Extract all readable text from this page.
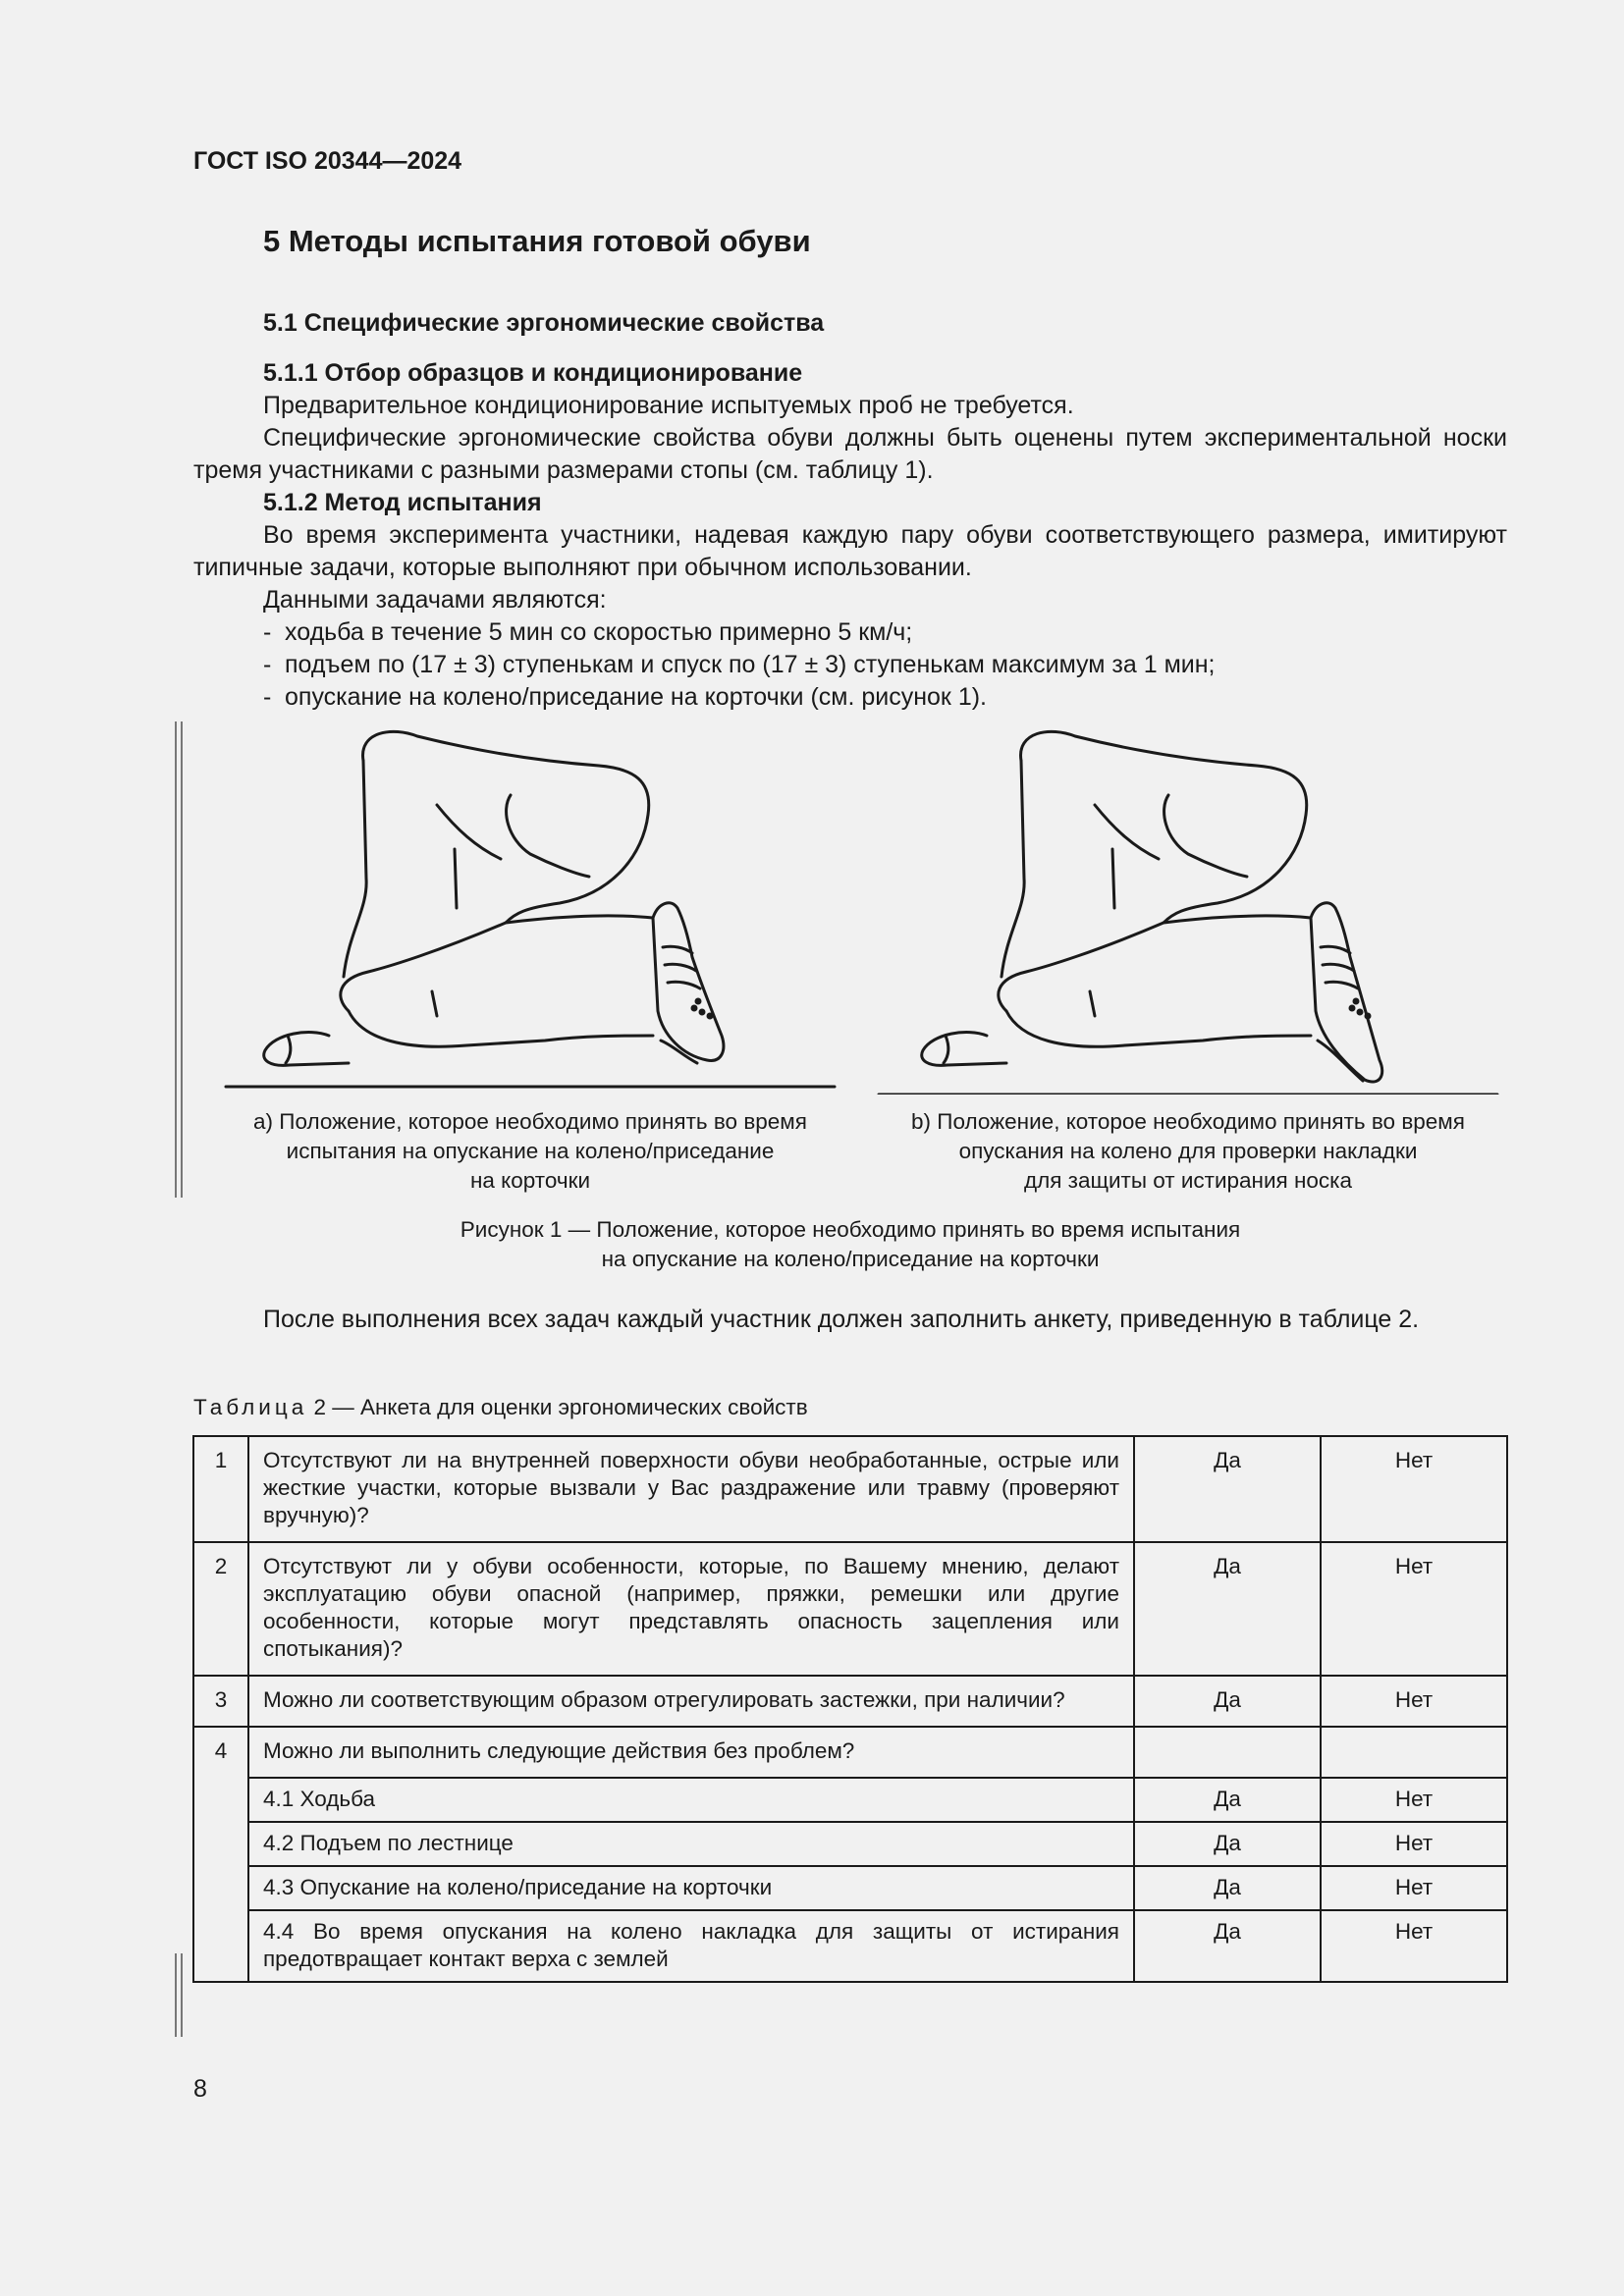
ГОСТ ISO 20344—2024
5 Методы испытания готовой обуви
5.1 Специфические эргономические свойства

5.1.1 Отбор образцов и кондиционирование

Предварительное кондиционирование испытуемых проб не требуется.

Специфические эргономические свойства обуви должны быть оценены путем экспериментальной носки тремя участниками с разными размерами стопы (см. таблицу 1).

5.1.2 Метод испытания

Во время эксперимента участники, надевая каждую пару обуви соответствующего размера, имитируют типичные задачи, которые выполняют при обычном использовании.

Данными задачами являются:

- ходьба в течение 5 мин со скоростью примерно 5 км/ч;

- подъем по (17 ± 3) ступенькам и спуск по (17 ± 3) ступенькам максимум за 1 мин;

- опускание на колено/приседание на корточки (см. рисунок 1).

a) Положение, которое необходимо принять во время
испытания на опускание на колено/приседание
на корточки
b) Положение, которое необходимо принять во время
опускания на колено для проверки накладки
для защиты от истирания носка
Рисунок 1 — Положение, которое необходимо принять во время испытания
на опускание на колено/приседание на корточки
После выполнения всех задач каждый участник должен заполнить анкету, приведенную в таблице 2.
Таблица 2 — Анкета для оценки эргономических свойств
1	Отсутствуют ли на внутренней поверхности обуви необработанные, острые или жесткие участки, которые вызвали у Вас раздражение или травму (проверяют вручную)?	Да	Нет
2	Отсутствуют ли у обуви особенности, которые, по Вашему мнению, делают эксплуатацию обуви опасной (например, пряжки, ремешки или другие особенности, которые могут представлять опасность зацепления или спотыкания)?	Да	Нет
3	Можно ли соответствующим образом отрегулировать застежки, при наличии?	Да	Нет
4	Можно ли выполнить следующие действия без проблем?		
	4.1 Ходьба	Да	Нет
	4.2 Подъем по лестнице	Да	Нет
	4.3 Опускание на колено/приседание на корточки	Да	Нет
	4.4 Во время опускания на колено накладка для защиты от истирания предотвращает контакт верха с землей	Да	Нет
8
